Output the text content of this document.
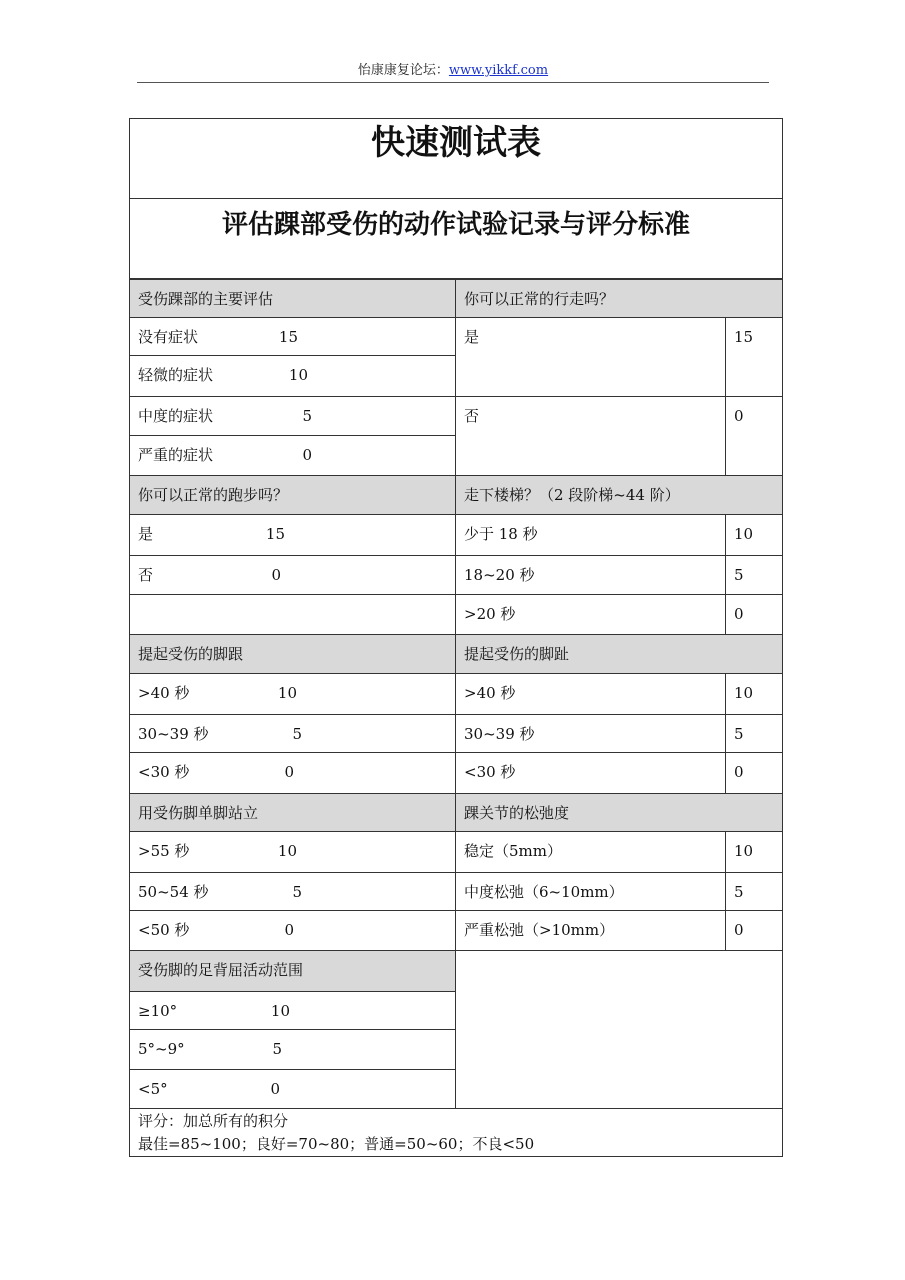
怡康康复论坛：www.yikkf.com
快速测试表		
评估踝部受伤的动作试验记录与评分标准		
受伤踝部的主要评估	你可以正常的行走吗？	
没有症状 15	是	15
轻微的症状 10		
中度的症状 5	否	0
严重的症状 0		
你可以正常的跑步吗？	走下楼梯？（2 段阶梯~44 阶）	
是 15	少于 18 秒	10
否 0	18~20 秒	5
	>20 秒	0
提起受伤的脚跟	提起受伤的脚趾	
>40 秒 10	>40 秒	10
30~39 秒 5	30~39 秒	5
<30 秒 0	<30 秒	0
用受伤脚单脚站立	踝关节的松弛度	
>55 秒 10	稳定（5mm）	10
50~54 秒 5	中度松弛（6~10mm）	5
<50 秒 0	严重松弛（>10mm）	0
受伤脚的足背屈活动范围		
≥10° 10		
5°~9° 5		
<5° 0		

评分：加总所有的积分
最佳=85~100；良好=70~80；普通=50~60；不良<50		
